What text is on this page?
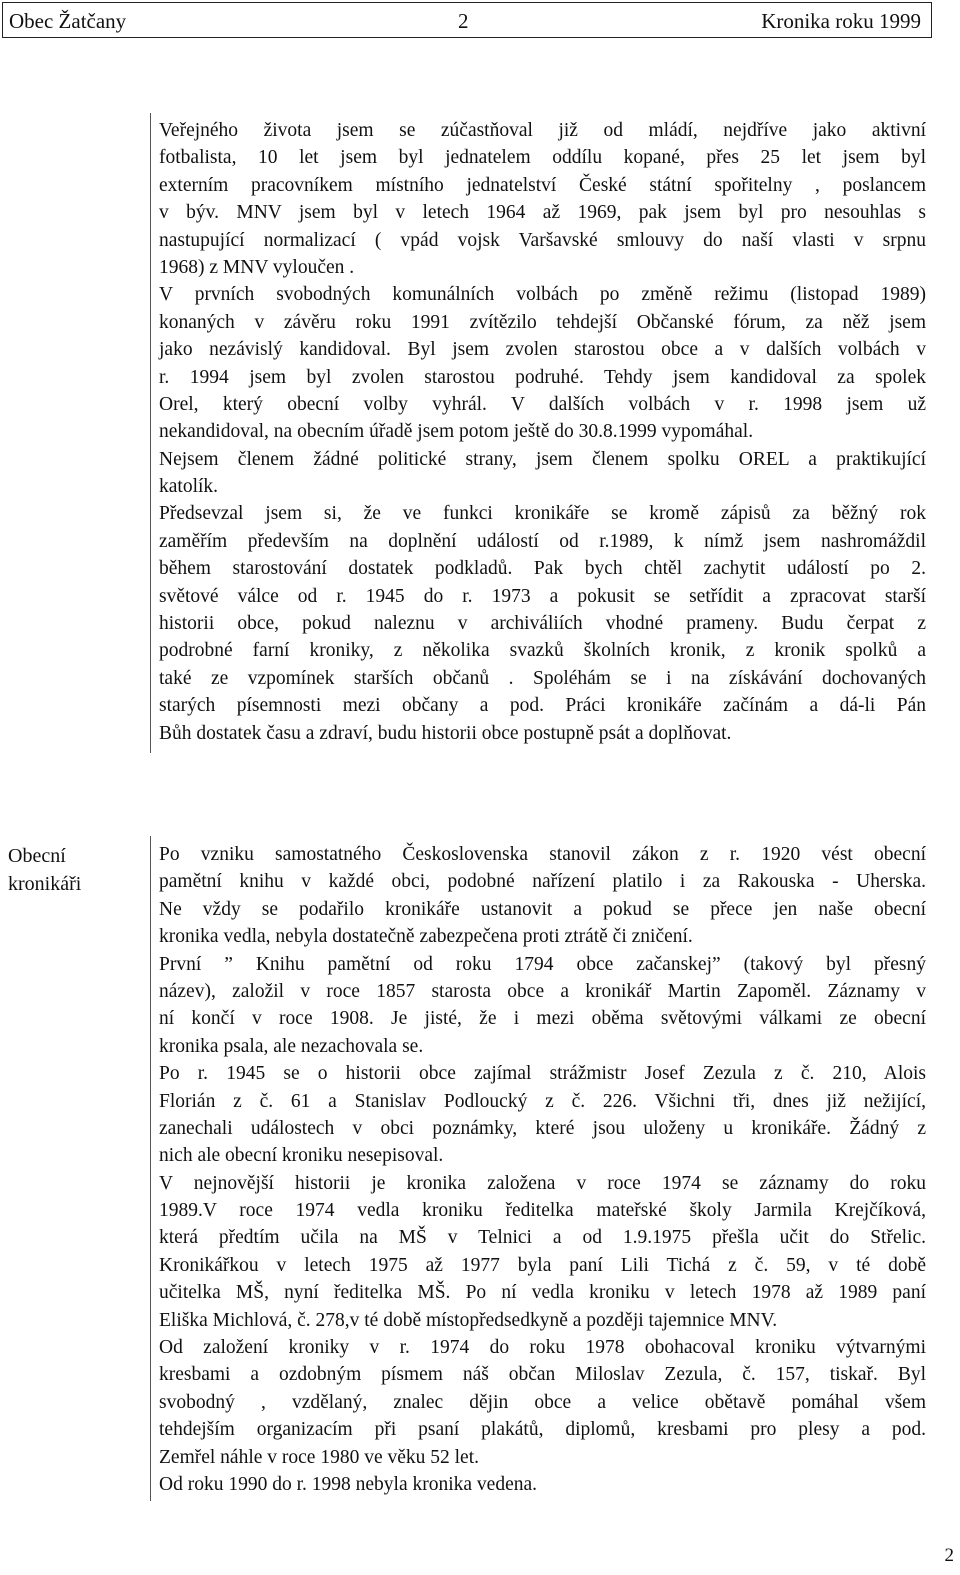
Obec Žatčany	2	Kronika roku 1999
Veřejného života jsem se zúčastňoval již od mládí, nejdříve jako aktivní
fotbalista, 10 let jsem byl jednatelem oddílu kopané, přes 25 let jsem byl
externím pracovníkem místního jednatelství České státní spořitelny , poslancem
v býv. MNV jsem byl v letech 1964 až 1969, pak jsem byl pro nesouhlas s
nastupující normalizací ( vpád vojsk Varšavské smlouvy do naší vlasti v srpnu
1968) z MNV vyloučen .
V prvních svobodných komunálních volbách po změně režimu (listopad 1989)
konaných v závěru roku 1991 zvítězilo tehdejší Občanské fórum, za něž jsem
jako nezávislý kandidoval. Byl jsem zvolen starostou obce a v dalších volbách v
r. 1994 jsem byl zvolen starostou podruhé. Tehdy jsem kandidoval za spolek
Orel, který obecní volby vyhrál. V dalších volbách v r. 1998 jsem už
nekandidoval, na obecním úřadě jsem potom ještě do 30.8.1999 vypomáhal.
Nejsem členem žádné politické strany, jsem členem spolku OREL a praktikující
katolík.
Předsevzal jsem si, že ve funkci kronikáře se kromě zápisů za běžný rok
zaměřím především na doplnění událostí od r.1989, k nímž jsem nashromáždil
během starostování dostatek podkladů. Pak bych chtěl zachytit událostí po 2.
světové válce od r. 1945 do r. 1973 a pokusit se setřídit a zpracovat starší
historii obce, pokud naleznu v archiváliích vhodné prameny. Budu čerpat z
podrobné farní kroniky, z několika svazků školních kronik, z kronik spolků a
také ze vzpomínek starších občanů . Spoléhám se i na získávání dochovaných
starých písemnosti mezi občany a pod. Práci kronikáře začínám a dá-li Pán
Bůh dostatek času a zdraví, budu historii obce postupně psát a doplňovat.
Obecní
kronikáři
Po vzniku samostatného Československa stanovil zákon z r. 1920 vést obecní
pamětní knihu v každé obci, podobné nařízení platilo i za Rakouska - Uherska.
Ne vždy se podařilo kronikáře ustanovit a pokud se přece jen naše obecní
kronika vedla, nebyla dostatečně zabezpečena proti ztrátě či zničení.
První ” Knihu pamětní od roku 1794 obce začanskej” (takový byl přesný
název), založil v roce 1857 starosta obce a kronikář Martin Zapoměl. Záznamy v
ní končí v roce 1908. Je jisté, že i mezi oběma světovými válkami ze obecní
kronika psala, ale nezachovala se.
Po r. 1945 se o historii obce zajímal strážmistr Josef Zezula z č. 210, Alois
Florián z č. 61 a Stanislav Podloucký z č. 226. Všichni tři, dnes již nežijící,
zanechali událostech v obci poznámky, které jsou uloženy u kronikáře. Žádný z
nich ale obecní kroniku nesepisoval.
V nejnovější historii je kronika založena v roce 1974 se záznamy do roku
1989.V roce 1974 vedla kroniku ředitelka mateřské školy Jarmila Krejčíková,
která předtím učila na MŠ v Telnici a od 1.9.1975 přešla učit do Střelic.
Kronikářkou v letech 1975 až 1977 byla paní Lili Tichá z č. 59, v té době
učitelka MŠ, nyní ředitelka MŠ. Po ní vedla kroniku v letech 1978 až 1989 paní
Eliška Michlová, č. 278,v té době místopředsedkyně a později tajemnice MNV.
Od založení kroniky v r. 1974 do roku 1978 obohacoval kroniku výtvarnými
kresbami a ozdobným písmem náš občan Miloslav Zezula, č. 157, tiskař. Byl
svobodný , vzdělaný, znalec dějin obce a velice obětavě pomáhal všem
tehdejším organizacím při psaní plakátů, diplomů, kresbami pro plesy a pod.
Zemřel náhle v roce 1980 ve věku 52 let.
Od roku 1990 do r. 1998 nebyla kronika vedena.
2
